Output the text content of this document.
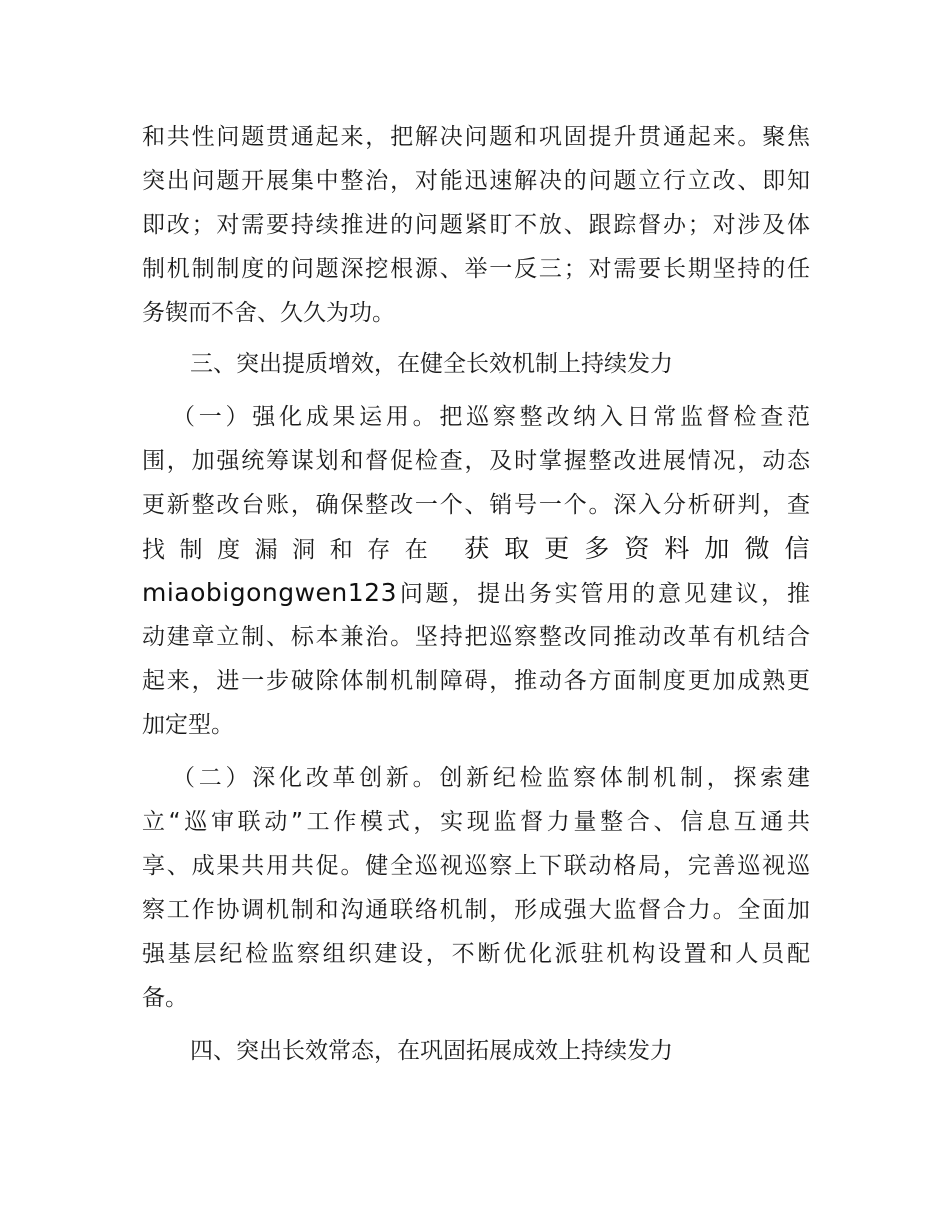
和共性问题贯通起来，把解决问题和巩固提升贯通起来。聚焦
突出问题开展集中整治，对能迅速解决的问题立行立改、即知
即改；对需要持续推进的问题紧盯不放、跟踪督办；对涉及体
制机制制度的问题深挖根源、举一反三；对需要长期坚持的任
务锲而不舍、久久为功。
三、突出提质增效，在健全长效机制上持续发力
（一）强化成果运用。把巡察整改纳入日常监督检查范
围，加强统筹谋划和督促检查，及时掌握整改进展情况，动态
更新整改台账，确保整改一个、销号一个。深入分析研判，查
找制度漏洞和存在 获取更多资料加微信
miaobigongwen123问题，提出务实管用的意见建议，推
动建章立制、标本兼治。坚持把巡察整改同推动改革有机结合
起来，进一步破除体制机制障碍，推动各方面制度更加成熟更
加定型。
（二）深化改革创新。创新纪检监察体制机制，探索建
立“巡审联动”工作模式，实现监督力量整合、信息互通共
享、成果共用共促。健全巡视巡察上下联动格局，完善巡视巡
察工作协调机制和沟通联络机制，形成强大监督合力。全面加
强基层纪检监察组织建设，不断优化派驻机构设置和人员配
备。
四、突出长效常态，在巩固拓展成效上持续发力
